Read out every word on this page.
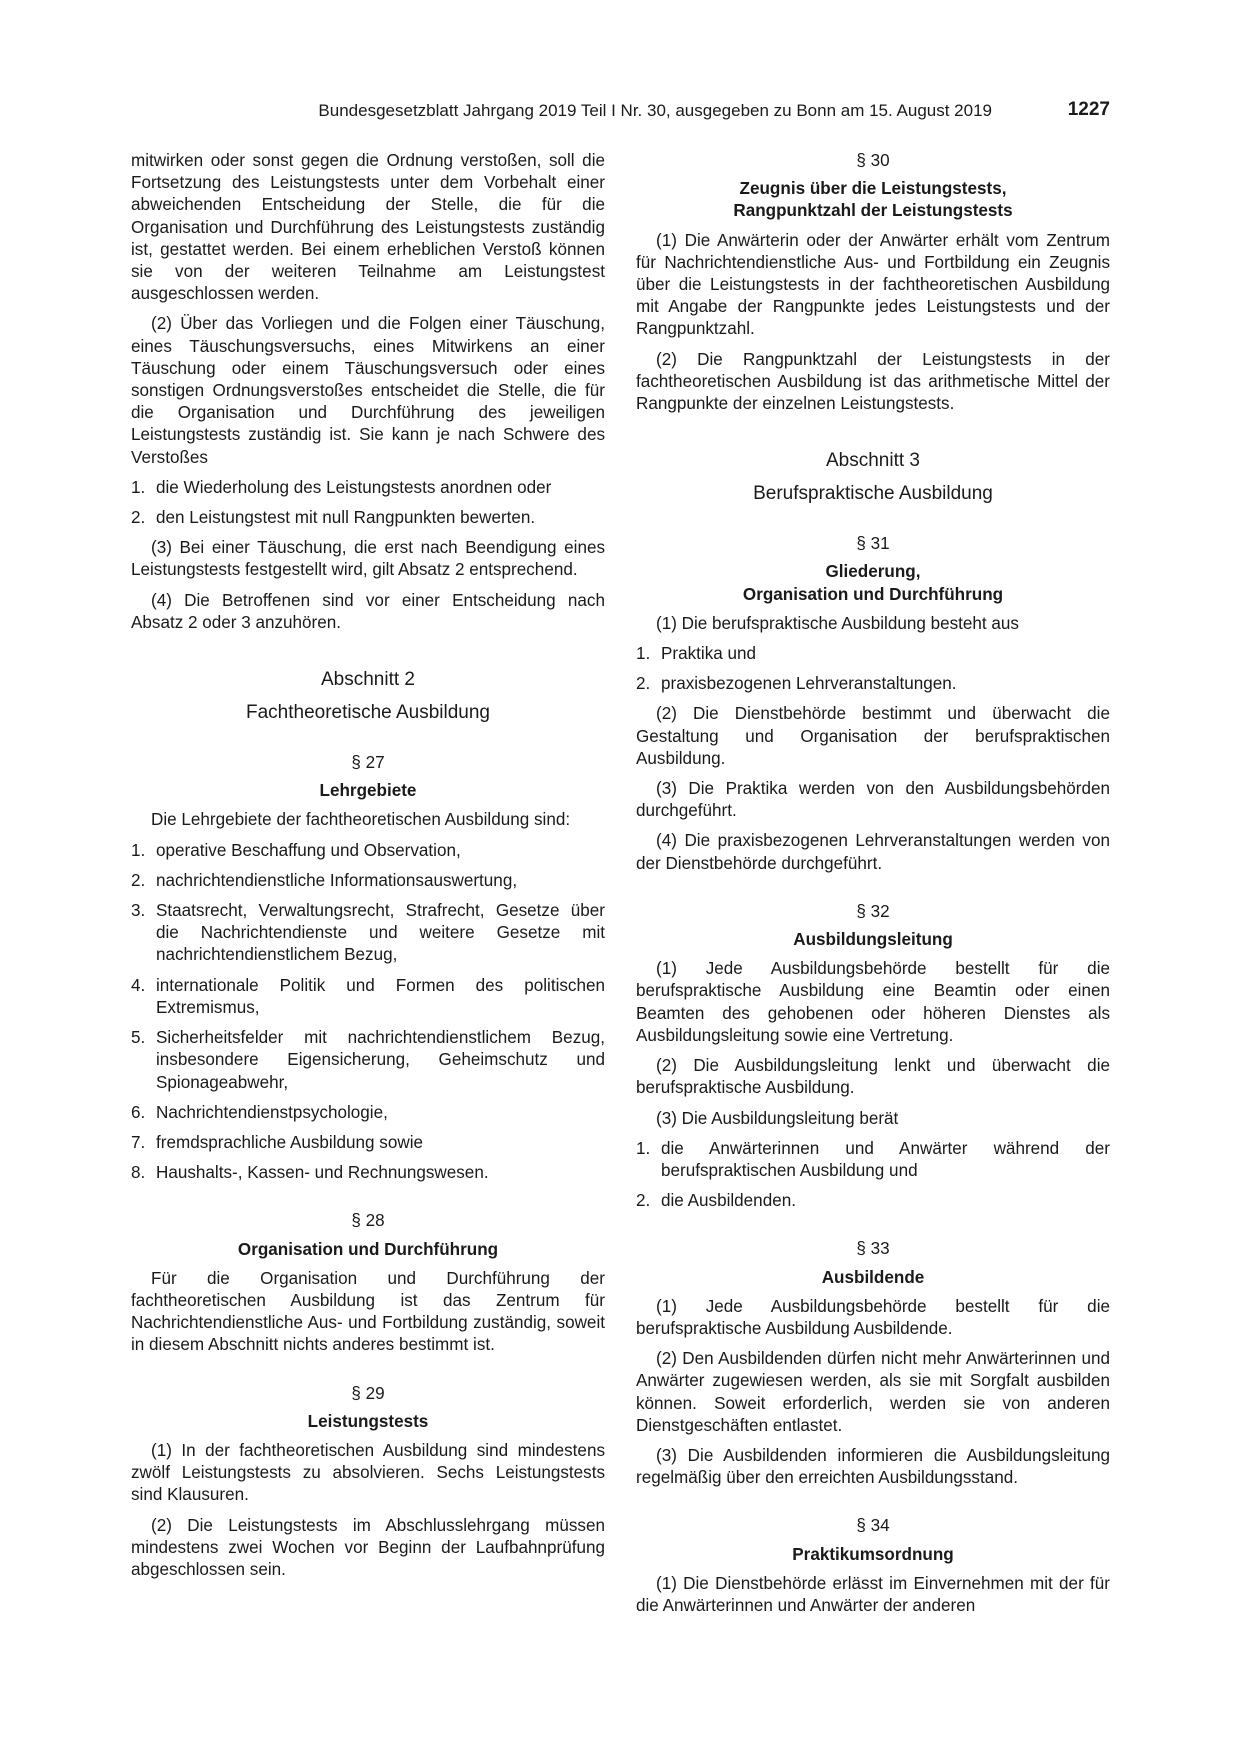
Bundesgesetzblatt Jahrgang 2019 Teil I Nr. 30, ausgegeben zu Bonn am 15. August 2019	1227

mitwirken oder sonst gegen die Ordnung verstoßen, soll die Fortsetzung des Leistungstests unter dem Vorbehalt einer abweichenden Entscheidung der Stelle, die für die Organisation und Durchführung des Leistungstests zuständig ist, gestattet werden. Bei einem erheblichen Verstoß können sie von der weiteren Teilnahme am Leistungstest ausgeschlossen werden.

(2) Über das Vorliegen und die Folgen einer Täuschung, eines Täuschungsversuchs, eines Mitwirkens an einer Täuschung oder einem Täuschungsversuch oder eines sonstigen Ordnungsverstoßes entscheidet die Stelle, die für die Organisation und Durchführung des jeweiligen Leistungstests zuständig ist. Sie kann je nach Schwere des Verstoßes

1. die Wiederholung des Leistungstests anordnen oder
2. den Leistungstest mit null Rangpunkten bewerten.

(3) Bei einer Täuschung, die erst nach Beendigung eines Leistungstests festgestellt wird, gilt Absatz 2 entsprechend.

(4) Die Betroffenen sind vor einer Entscheidung nach Absatz 2 oder 3 anzuhören.

Abschnitt 2
Fachtheoretische Ausbildung
§ 27
Lehrgebiete

Die Lehrgebiete der fachtheoretischen Ausbildung sind:

1. operative Beschaffung und Observation,
2. nachrichtendienstliche Informationsauswertung,
3. Staatsrecht, Verwaltungsrecht, Strafrecht, Gesetze über die Nachrichtendienste und weitere Gesetze mit nachrichtendienstlichem Bezug,
4. internationale Politik und Formen des politischen Extremismus,
5. Sicherheitsfelder mit nachrichtendienstlichem Bezug, insbesondere Eigensicherung, Geheimschutz und Spionageabwehr,
6. Nachrichtendienstpsychologie,
7. fremdsprachliche Ausbildung sowie
8. Haushalts-, Kassen- und Rechnungswesen.
§ 28
Organisation und Durchführung

Für die Organisation und Durchführung der fachtheoretischen Ausbildung ist das Zentrum für Nachrichtendienstliche Aus- und Fortbildung zuständig, soweit in diesem Abschnitt nichts anderes bestimmt ist.

§ 29
Leistungstests

(1) In der fachtheoretischen Ausbildung sind mindestens zwölf Leistungstests zu absolvieren. Sechs Leistungstests sind Klausuren.

(2) Die Leistungstests im Abschlusslehrgang müssen mindestens zwei Wochen vor Beginn der Laufbahnprüfung abgeschlossen sein.

§ 30
Zeugnis über die Leistungstests,
Rangpunktzahl der Leistungstests

(1) Die Anwärterin oder der Anwärter erhält vom Zentrum für Nachrichtendienstliche Aus- und Fortbildung ein Zeugnis über die Leistungstests in der fachtheoretischen Ausbildung mit Angabe der Rangpunkte jedes Leistungstests und der Rangpunktzahl.

(2) Die Rangpunktzahl der Leistungstests in der fachtheoretischen Ausbildung ist das arithmetische Mittel der Rangpunkte der einzelnen Leistungstests.

Abschnitt 3
Berufspraktische Ausbildung
§ 31
Gliederung,
Organisation und Durchführung

(1) Die berufspraktische Ausbildung besteht aus

1. Praktika und
2. praxisbezogenen Lehrveranstaltungen.

(2) Die Dienstbehörde bestimmt und überwacht die Gestaltung und Organisation der berufspraktischen Ausbildung.

(3) Die Praktika werden von den Ausbildungsbehörden durchgeführt.

(4) Die praxisbezogenen Lehrveranstaltungen werden von der Dienstbehörde durchgeführt.

§ 32
Ausbildungsleitung

(1) Jede Ausbildungsbehörde bestellt für die berufspraktische Ausbildung eine Beamtin oder einen Beamten des gehobenen oder höheren Dienstes als Ausbildungsleitung sowie eine Vertretung.

(2) Die Ausbildungsleitung lenkt und überwacht die berufspraktische Ausbildung.

(3) Die Ausbildungsleitung berät

1. die Anwärterinnen und Anwärter während der berufspraktischen Ausbildung und
2. die Ausbildenden.
§ 33
Ausbildende

(1) Jede Ausbildungsbehörde bestellt für die berufspraktische Ausbildung Ausbildende.

(2) Den Ausbildenden dürfen nicht mehr Anwärterinnen und Anwärter zugewiesen werden, als sie mit Sorgfalt ausbilden können. Soweit erforderlich, werden sie von anderen Dienstgeschäften entlastet.

(3) Die Ausbildenden informieren die Ausbildungsleitung regelmäßig über den erreichten Ausbildungsstand.

§ 34
Praktikumsordnung

(1) Die Dienstbehörde erlässt im Einvernehmen mit der für die Anwärterinnen und Anwärter der anderen
